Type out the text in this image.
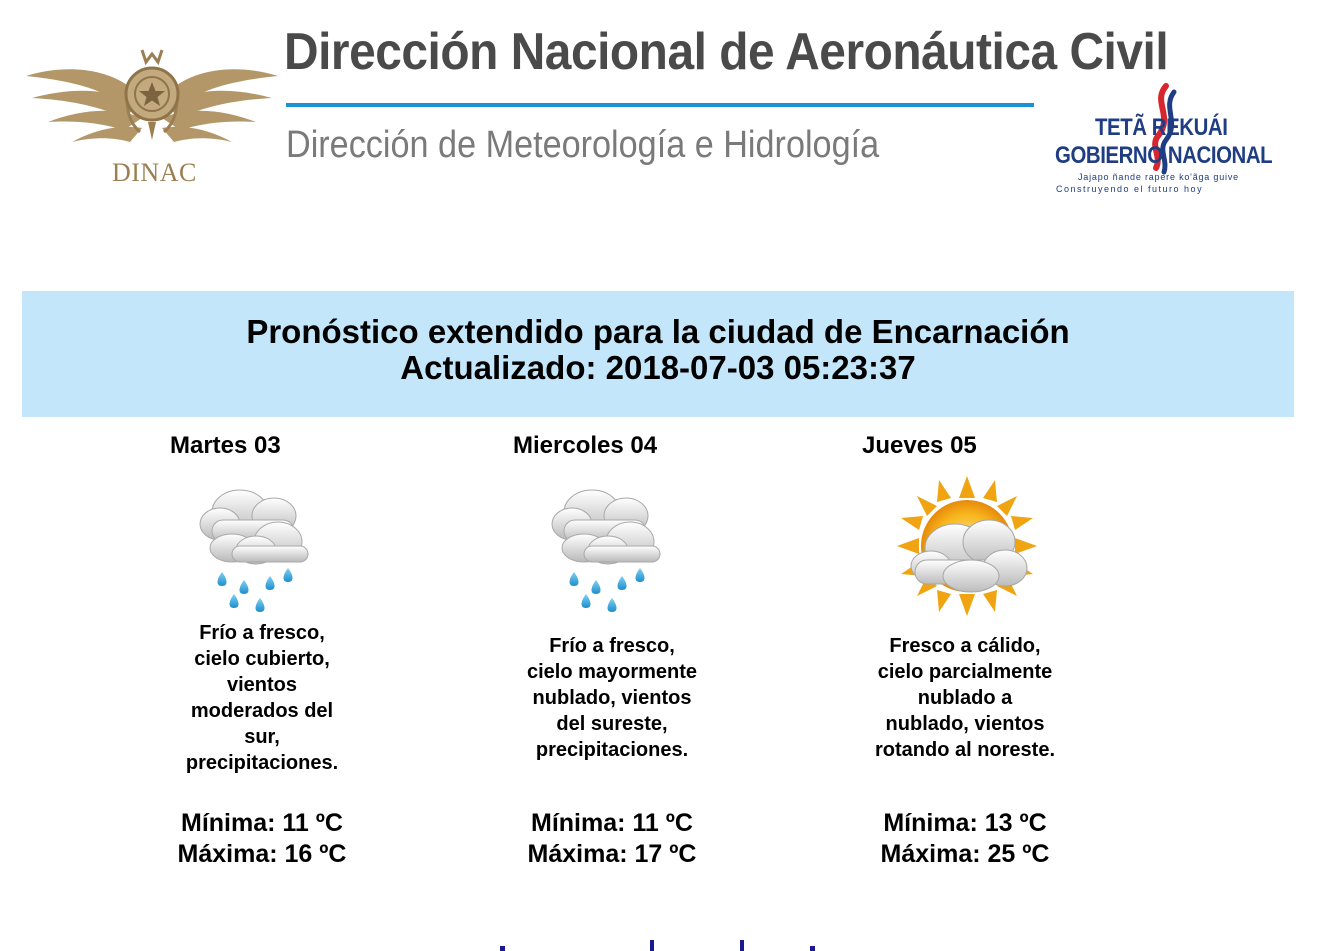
DINAC
Dirección Nacional de Aeronáutica Civil
Dirección de Meteorología e Hidrología	TETÃ REKUÁI
GOBIERNO NACIONAL
Jajapo ñande rapere ko'ãga guive
Construyendo el futuro hoy
Pronóstico extendido para la ciudad de Encarnación
Actualizado: 2018-07-03 05:23:37
Martes 03
Frío a fresco,
cielo cubierto,
vientos
moderados del
sur,
precipitaciones.
Mínima: 11 ºC
Máxima: 16 ºC
Miercoles 04
Frío a fresco,
cielo mayormente
nublado, vientos
del sureste,
precipitaciones.
Mínima: 11 ºC
Máxima: 17 ºC
Jueves 05
Fresco a cálido,
cielo parcialmente
nublado a
nublado, vientos
rotando al noreste.
Mínima: 13 ºC
Máxima: 25 ºC
